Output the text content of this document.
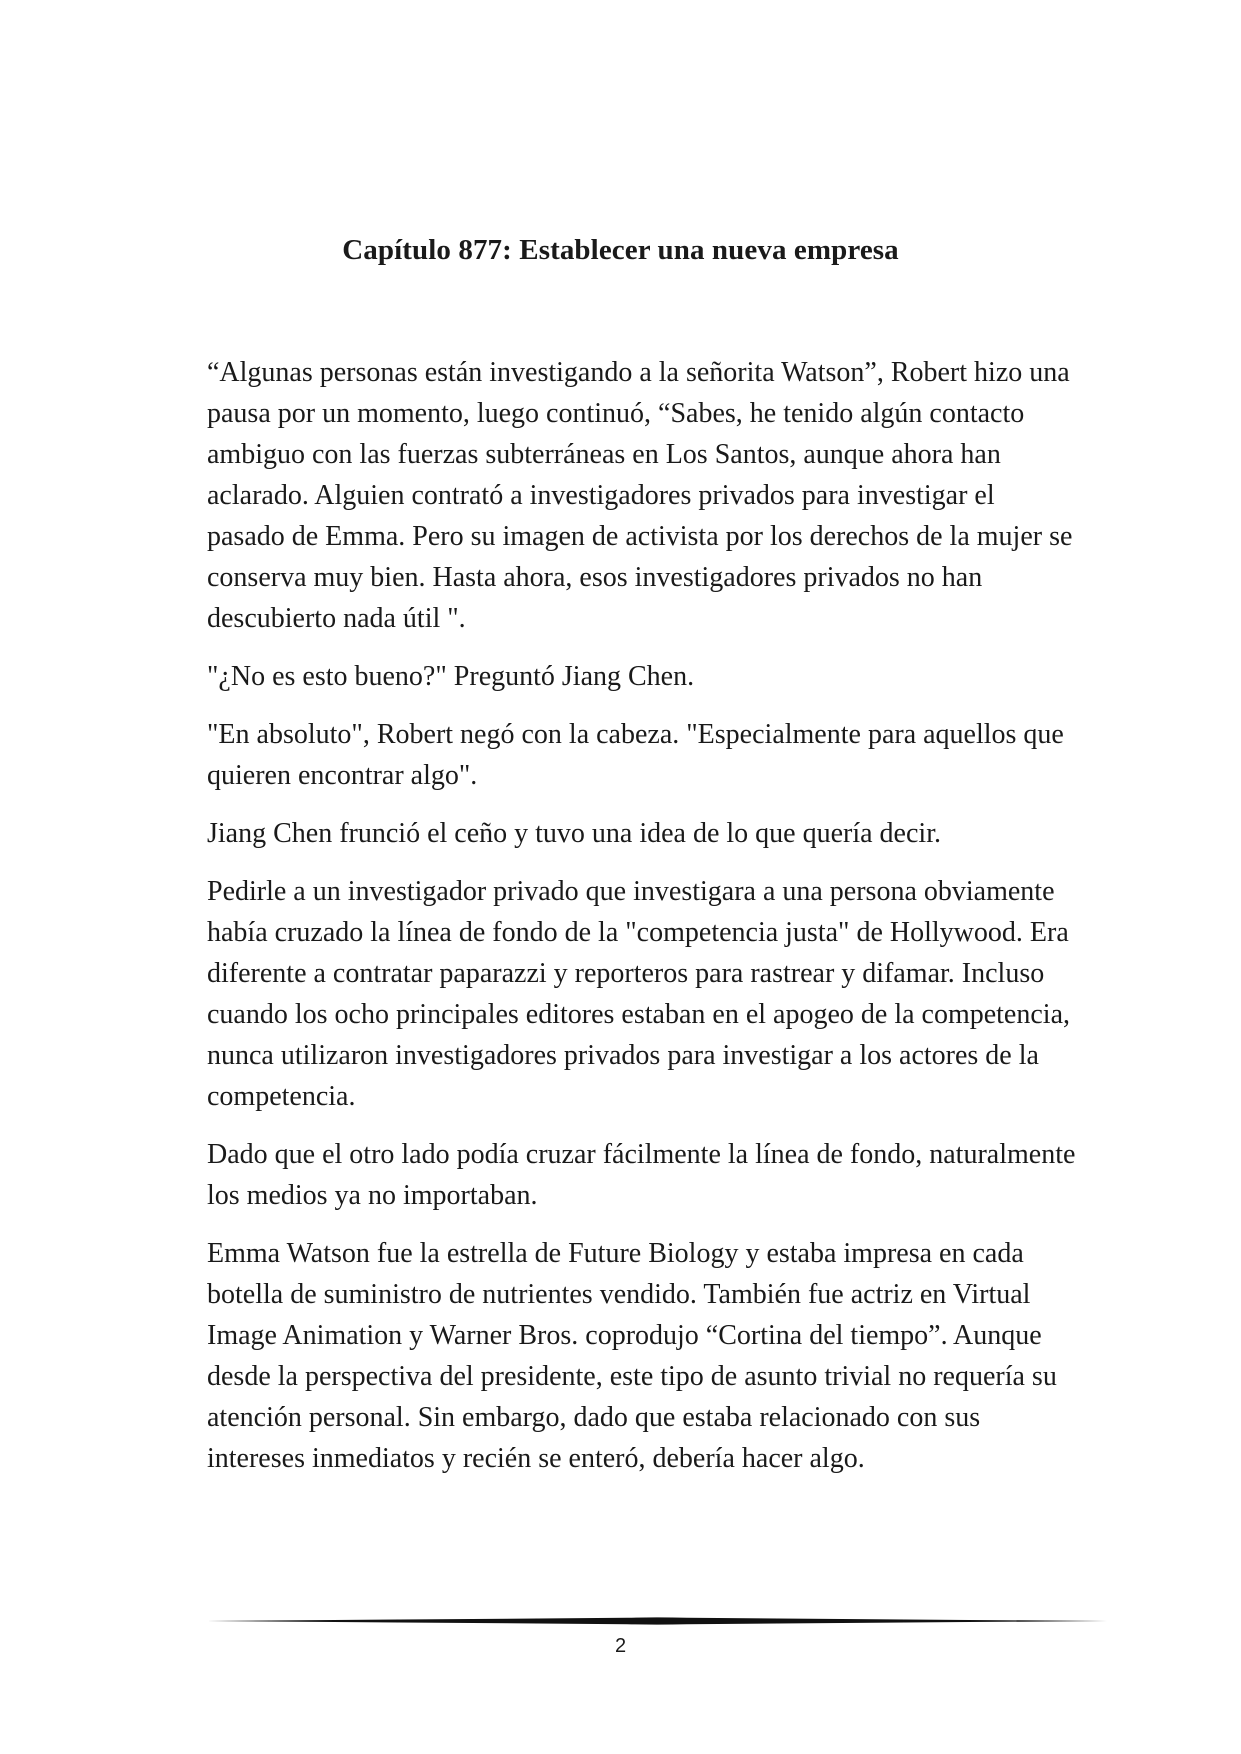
Capítulo 877: Establecer una nueva empresa

“Algunas personas están investigando a la señorita Watson”, Robert hizo una pausa por un momento, luego continuó, “Sabes, he tenido algún contacto ambiguo con las fuerzas subterráneas en Los Santos, aunque ahora han aclarado. Alguien contrató a investigadores privados para investigar el pasado de Emma. Pero su imagen de activista por los derechos de la mujer se conserva muy bien. Hasta ahora, esos investigadores privados no han descubierto nada útil ".

"¿No es esto bueno?" Preguntó Jiang Chen.

"En absoluto", Robert negó con la cabeza. "Especialmente para aquellos que quieren encontrar algo".

Jiang Chen frunció el ceño y tuvo una idea de lo que quería decir.

Pedirle a un investigador privado que investigara a una persona obviamente había cruzado la línea de fondo de la "competencia justa" de Hollywood. Era diferente a contratar paparazzi y reporteros para rastrear y difamar. Incluso cuando los ocho principales editores estaban en el apogeo de la competencia, nunca utilizaron investigadores privados para investigar a los actores de la competencia.

Dado que el otro lado podía cruzar fácilmente la línea de fondo, naturalmente los medios ya no importaban.

Emma Watson fue la estrella de Future Biology y estaba impresa en cada botella de suministro de nutrientes vendido. También fue actriz en Virtual Image Animation y Warner Bros. coprodujo “Cortina del tiempo”. Aunque desde la perspectiva del presidente, este tipo de asunto trivial no requería su atención personal. Sin embargo, dado que estaba relacionado con sus intereses inmediatos y recién se enteró, debería hacer algo.

2
